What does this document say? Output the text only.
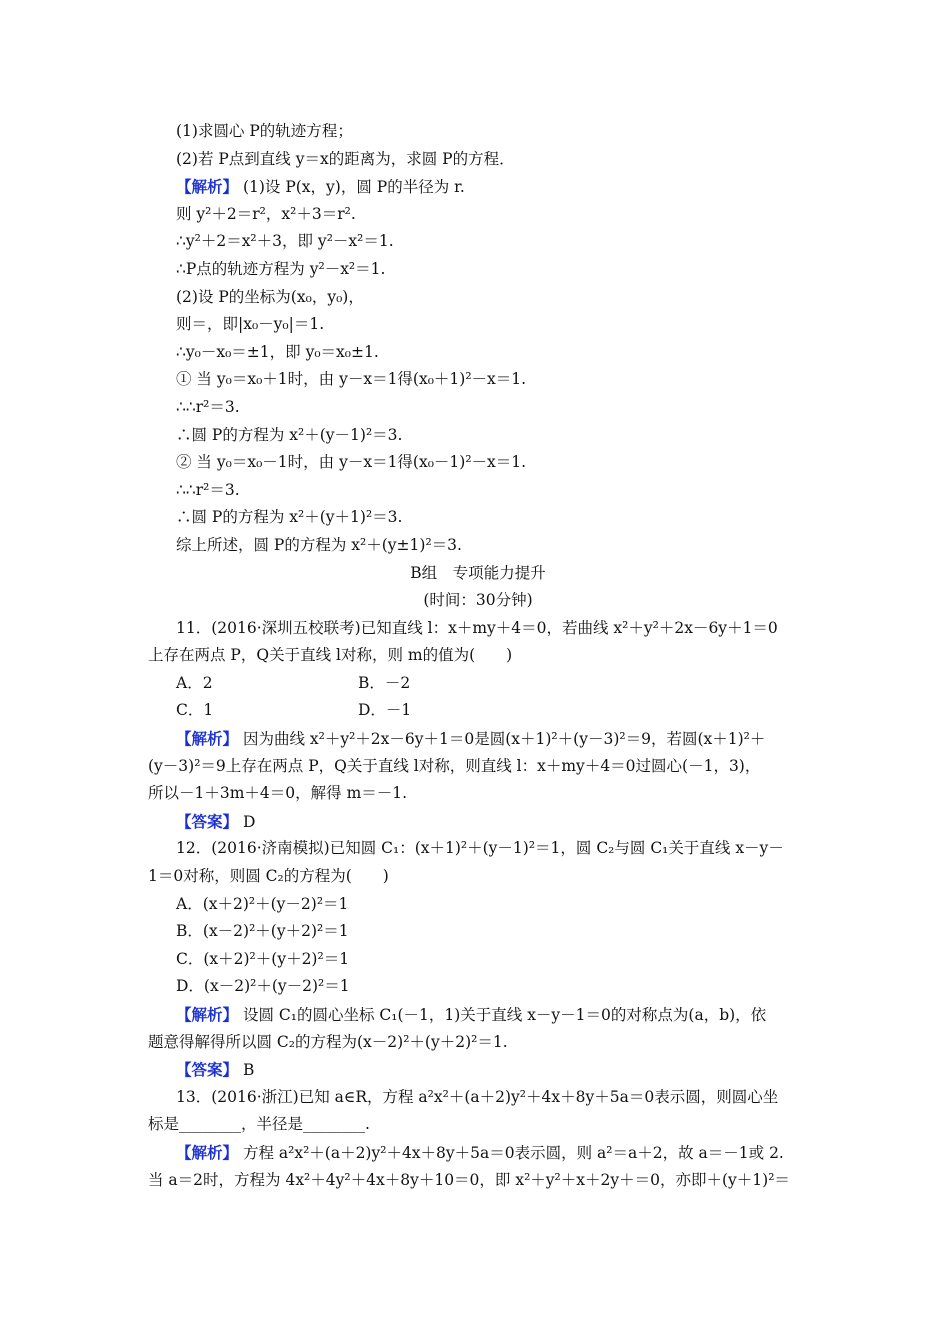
(1)求圆心 P的轨迹方程；
(2)若 P点到直线 y＝x的距离为，求圆 P的方程．
【解析】 (1)设 P(x，y)，圆 P的半径为 r.
则 y²＋2＝r²，x²＋3＝r².
∴y²＋2＝x²＋3，即 y²－x²＝1.
∴P点的轨迹方程为 y²－x²＝1.
(2)设 P的坐标为(x₀，y₀)，
则＝，即|x₀－y₀|＝1.
∴y₀－x₀＝±1，即 y₀＝x₀±1.
① 当 y₀＝x₀＋1时，由 y－x＝1得(x₀＋1)²－x＝1.
∴∴r²＝3.
∴圆 P的方程为 x²＋(y－1)²＝3.
② 当 y₀＝x₀－1时，由 y－x＝1得(x₀－1)²－x＝1.
∴∴r²＝3.
∴圆 P的方程为 x²＋(y＋1)²＝3.
综上所述，圆 P的方程为 x²＋(y±1)²＝3.
B组　专项能力提升
(时间：30分钟)
11．(2016·深圳五校联考)已知直线 l：x＋my＋4＝0，若曲线 x²＋y²＋2x－6y＋1＝0
上存在两点 P，Q关于直线 l对称，则 m的值为(　　)
A．2	B．－2
C．1	D．－1
【解析】 因为曲线 x²＋y²＋2x－6y＋1＝0是圆(x＋1)²＋(y－3)²＝9，若圆(x＋1)²＋
(y－3)²＝9上存在两点 P，Q关于直线 l对称，则直线 l：x＋my＋4＝0过圆心(－1，3)，
所以－1＋3m＋4＝0，解得 m＝－1.
【答案】 D
12．(2016·济南模拟)已知圆 C₁：(x＋1)²＋(y－1)²＝1，圆 C₂与圆 C₁关于直线 x－y－
1＝0对称，则圆 C₂的方程为(　　)
A．(x＋2)²＋(y－2)²＝1
B．(x－2)²＋(y＋2)²＝1
C．(x＋2)²＋(y＋2)²＝1
D．(x－2)²＋(y－2)²＝1
【解析】 设圆 C₁的圆心坐标 C₁(－1，1)关于直线 x－y－1＝0的对称点为(a，b)，依
题意得解得所以圆 C₂的方程为(x－2)²＋(y＋2)²＝1.
【答案】 B
13．(2016·浙江)已知 a∈R，方程 a²x²＋(a＋2)y²＋4x＋8y＋5a＝0表示圆，则圆心坐
标是________，半径是________.
【解析】 方程 a²x²＋(a＋2)y²＋4x＋8y＋5a＝0表示圆，则 a²＝a＋2，故 a＝－1或 2.
当 a＝2时，方程为 4x²＋4y²＋4x＋8y＋10＝0，即 x²＋y²＋x＋2y＋＝0，亦即＋(y＋1)²＝
